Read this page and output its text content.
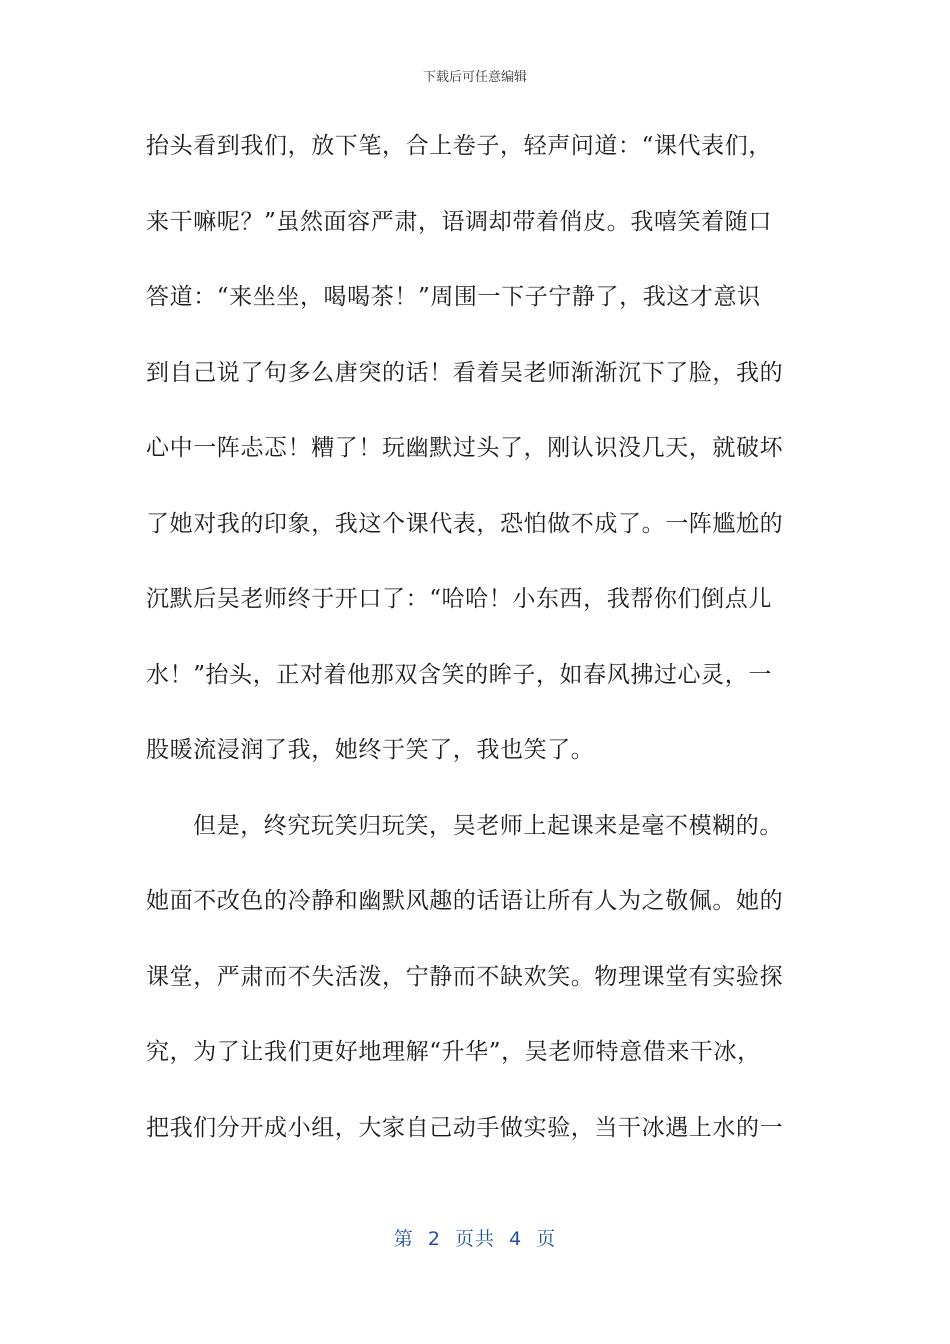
下载后可任意编辑
抬头看到我们，放下笔，合上卷子，轻声问道：“课代表们，
来干嘛呢？”虽然面容严肃，语调却带着俏皮。我嘻笑着随口
答道：“来坐坐，喝喝茶！”周围一下子宁静了，我这才意识
到自己说了句多么唐突的话！看着吴老师渐渐沉下了脸，我的
心中一阵忐忑！糟了！玩幽默过头了，刚认识没几天，就破坏
了她对我的印象，我这个课代表，恐怕做不成了。一阵尴尬的
沉默后吴老师终于开口了：“哈哈！小东西，我帮你们倒点儿
水！”抬头，正对着他那双含笑的眸子，如春风拂过心灵，一
股暖流浸润了我，她终于笑了，我也笑了。
但是，终究玩笑归玩笑，吴老师上起课来是毫不模糊的。
她面不改色的冷静和幽默风趣的话语让所有人为之敬佩。她的
课堂，严肃而不失活泼，宁静而不缺欢笑。物理课堂有实验探
究，为了让我们更好地理解“升华”，吴老师特意借来干冰，
把我们分开成小组，大家自己动手做实验，当干冰遇上水的一
第  2  页共  4  页
